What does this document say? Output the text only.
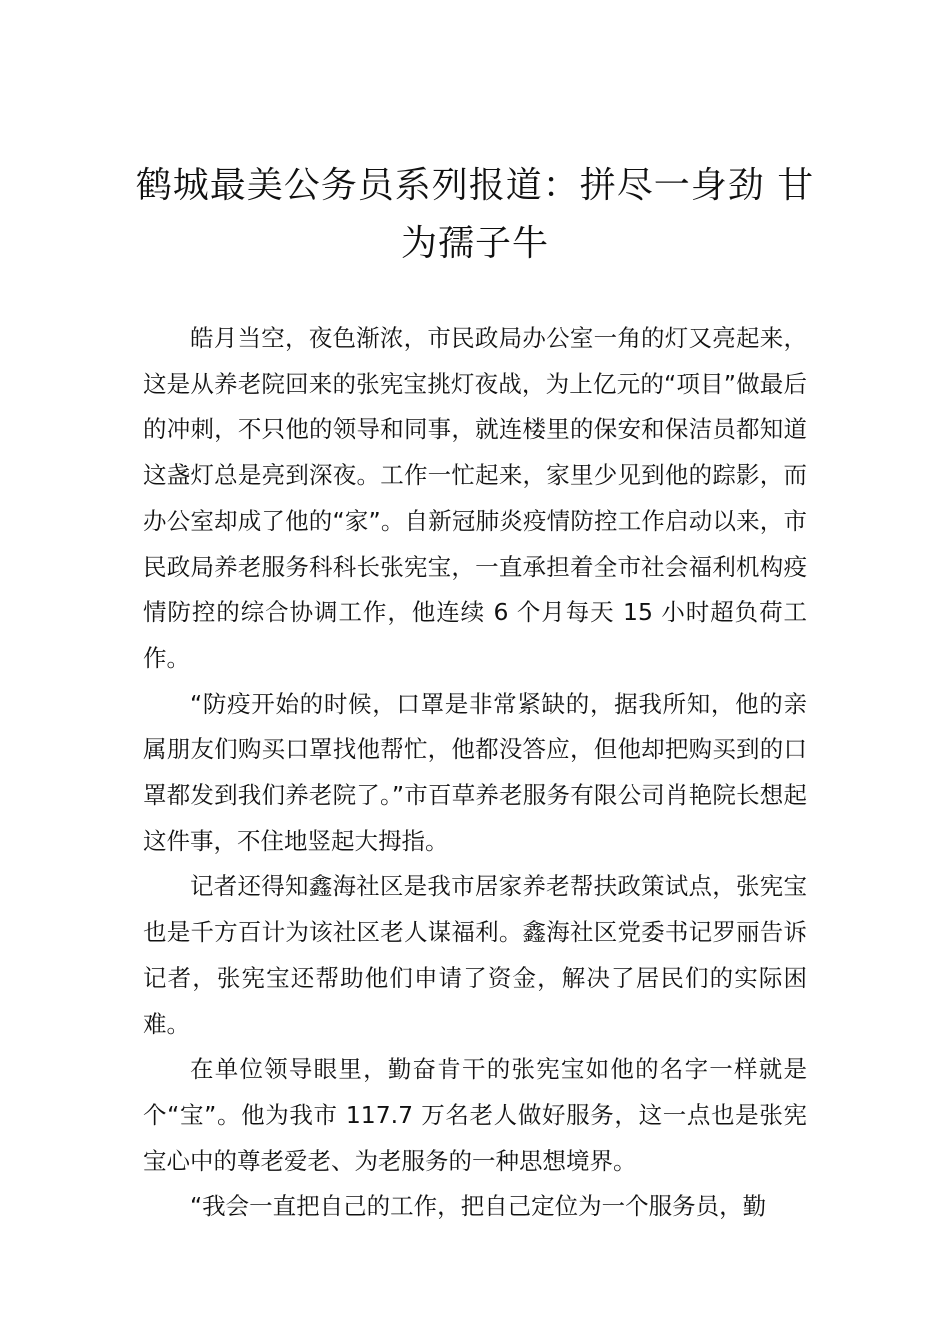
鹤城最美公务员系列报道：拼尽一身劲 甘为孺子牛

皓月当空，夜色渐浓，市民政局办公室一角的灯又亮起来，这是从养老院回来的张宪宝挑灯夜战，为上亿元的“项目”做最后的冲刺，不只他的领导和同事，就连楼里的保安和保洁员都知道这盏灯总是亮到深夜。工作一忙起来，家里少见到他的踪影，而办公室却成了他的“家”。自新冠肺炎疫情防控工作启动以来，市民政局养老服务科科长张宪宝，一直承担着全市社会福利机构疫情防控的综合协调工作，他连续 6 个月每天 15 小时超负荷工作。

“防疫开始的时候，口罩是非常紧缺的，据我所知，他的亲属朋友们购买口罩找他帮忙，他都没答应，但他却把购买到的口罩都发到我们养老院了。”市百草养老服务有限公司肖艳院长想起这件事，不住地竖起大拇指。

记者还得知鑫海社区是我市居家养老帮扶政策试点，张宪宝也是千方百计为该社区老人谋福利。鑫海社区党委书记罗丽告诉记者，张宪宝还帮助他们申请了资金，解决了居民们的实际困难。

在单位领导眼里，勤奋肯干的张宪宝如他的名字一样就是个“宝”。他为我市 117.7 万名老人做好服务，这一点也是张宪宝心中的尊老爱老、为老服务的一种思想境界。

“我会一直把自己的工作，把自己定位为一个服务员，勤
